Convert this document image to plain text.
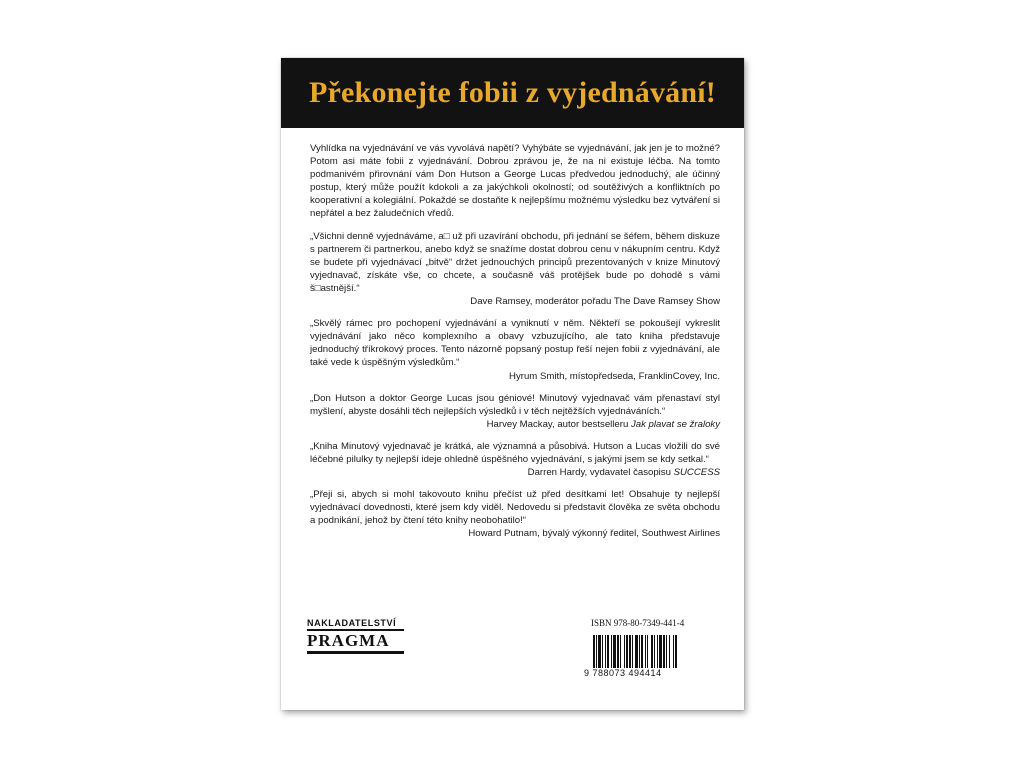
Překonejte fobii z vyjednávání!

Vyhlídka na vyjednávání ve vás vyvolává napětí? Vyhýbáte se vyjednávání, jak jen je to možné? Potom asi máte fobii z vyjednávání. Dobrou zprávou je, že na ni existuje léčba. Na tomto podmanivém přirovnání vám Don Hutson a George Lucas předvedou jednoduchý, ale účinný postup, který může použít kdokoli a za jakýchkoli okolností; od soutěživých a konfliktních po kooperativní a kolegiální. Pokaždé se dostaňte k nejlepšímu možnému výsledku bez vytváření si nepřátel a bez žaludečních vředů.

„Všichni denně vyjednáváme, a□ už při uzavírání obchodu, při jednání se šéfem, během diskuze s partnerem či partnerkou, anebo když se snažíme dostat dobrou cenu v nákupním centru. Když se budete při vyjednávací „bitvě“ držet jednouchých principů prezentovaných v knize Minutový vyjednavač, získáte vše, co chcete, a současně váš protějšek bude po dohodě s vámi š□astnější.“

Dave Ramsey, moderátor pořadu The Dave Ramsey Show

„Skvělý rámec pro pochopení vyjednávání a vyniknutí v něm. Někteří se pokoušejí vykreslit vyjednávání jako něco komplexního a obavy vzbuzujícího, ale tato kniha představuje jednoduchý tříkrokový proces. Tento názorně popsaný postup řeší nejen fobii z vyjednávání, ale také vede k úspěšným výsledkům.“

Hyrum Smith, místopředseda, FranklinCovey, Inc.

„Don Hutson a doktor George Lucas jsou géniové! Minutový vyjednavač vám přenastaví styl myšlení, abyste dosáhli těch nejlepších výsledků i v těch nejtěžších vyjednáváních.“

Harvey Mackay, autor bestselleru Jak plavat se žraloky

„Kniha Minutový vyjednavač je krátká, ale významná a působivá. Hutson a Lucas vložili do své léčebné pilulky ty nejlepší ideje ohledně úspěšného vyjednávání, s jakými jsem se kdy setkal.“

Darren Hardy, vydavatel časopisu SUCCESS

„Přeji si, abych si mohl takovouto knihu přečíst už před desítkami let! Obsahuje ty nejlepší vyjednávací dovednosti, které jsem kdy viděl. Nedovedu si představit člověka ze světa obchodu a podnikání, jehož by čtení této knihy neobohatilo!“

Howard Putnam, bývalý výkonný ředitel, Southwest Airlines

NAKLADATELSTVÍ
PRAGMA
ISBN 978-80-7349-441-4
9 788073 494414
